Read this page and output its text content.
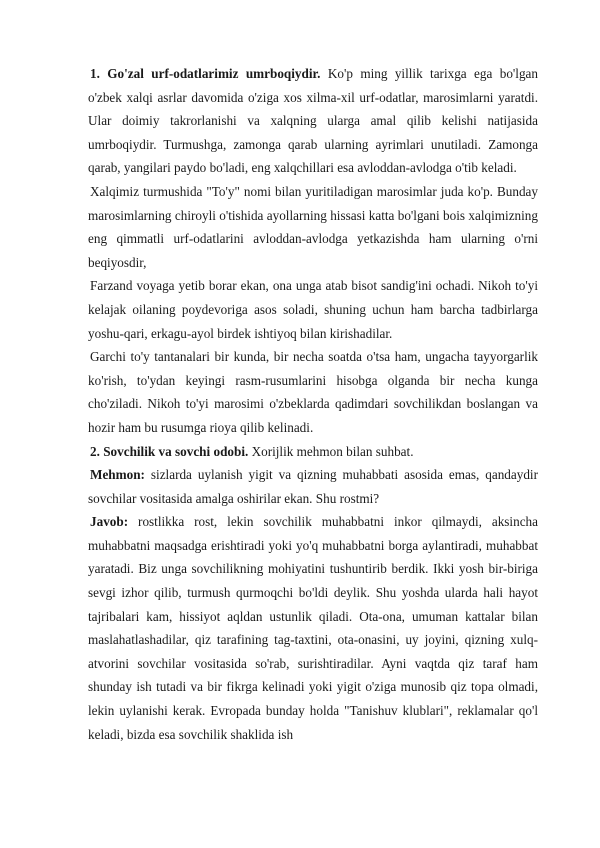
1. Go'zal urf-odatlarimiz umrboqiydir. Ko'p ming yillik tarixga ega bo'lgan o'zbek xalqi asrlar davomida o'ziga xos xilma-xil urf-odatlar, marosimlarni yaratdi. Ular doimiy takrorlanishi va xalqning ularga amal qilib kelishi natijasida umrboqiydir. Turmushga, zamonga qarab ularning ayrimlari unutiladi. Zamonga qarab, yangilari paydo bo'ladi, eng xalqchillari esa avloddan-avlodga o'tib keladi.

Xalqimiz turmushida "To'y" nomi bilan yuritiladigan marosimlar juda ko'p. Bunday marosimlarning chiroyli o'tishida ayollarning hissasi katta bo'lgani bois xalqimizning eng qimmatli urf-odatlarini avloddan-avlodga yetkazishda ham ularning o'rni beqiyosdir,

Farzand voyaga yetib borar ekan, ona unga atab bisot sandig'ini ochadi. Nikoh to'yi kelajak oilaning poydevoriga asos soladi, shuning uchun ham barcha tadbirlarga yoshu-qari, erkagu-ayol birdek ishtiyoq bilan kirishadilar.

Garchi to'y tantanalari bir kunda, bir necha soatda o'tsa ham, ungacha tayyorgarlik ko'rish, to'ydan keyingi rasm-rusumlarini hisobga olganda bir necha kunga cho'ziladi. Nikoh to'yi marosimi o'zbeklarda qadimdari sovchilikdan boslangan va hozir ham bu rusumga rioya qilib kelinadi.

2. Sovchilik va sovchi odobi. Xorijlik mehmon bilan suhbat.

Mehmon: sizlarda uylanish yigit va qizning muhabbati asosida emas, qandaydir sovchilar vositasida amalga oshirilar ekan. Shu rostmi?

Javob: rostlikka rost, lekin sovchilik muhabbatni inkor qilmaydi, aksincha muhabbatni maqsadga erishtiradi yoki yo'q muhabbatni borga aylantiradi, muhabbat yaratadi. Biz unga sovchilikning mohiyatini tushuntirib berdik. Ikki yosh bir-biriga sevgi izhor qilib, turmush qurmoqchi bo'ldi deylik. Shu yoshda ularda hali hayot tajribalari kam, hissiyot aqldan ustunlik qiladi. Ota-ona, umuman kattalar bilan maslahatlashadilar, qiz tarafining tag-taxtini, ota-onasini, uy joyini, qizning xulq-atvorini sovchilar vositasida so'rab, surishtiradilar. Ayni vaqtda qiz taraf ham shunday ish tutadi va bir fikrga kelinadi yoki yigit o'ziga munosib qiz topa olmadi, lekin uylanishi kerak. Evropada bunday holda "Tanishuv klublari", reklamalar qo'l keladi, bizda esa sovchilik shaklida ish
